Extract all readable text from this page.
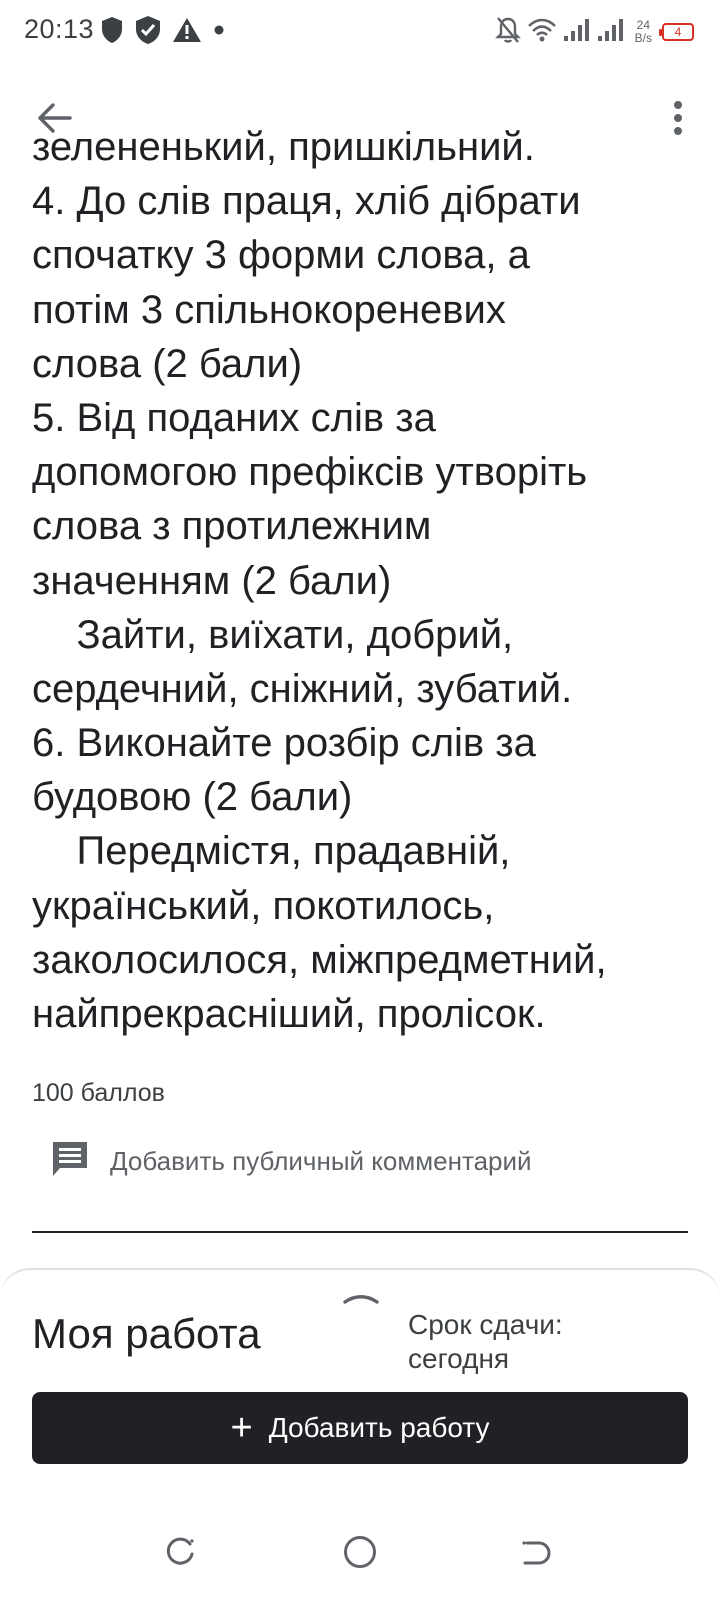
20:13	24
B/s 4
зелененький, пришкільний.
4. До слів праця, хліб дібрати
спочатку 3 форми слова, а
потім 3 спільнокореневих
слова (2 бали)
5. Від поданих слів за
допомогою префіксів утворіть
слова з протилежним
значенням (2 бали)
Зайти, виїхати, добрий,
сердечний, сніжний, зубатий.
6. Виконайте розбір слів за
будовою (2 бали)
Передмістя, прадавній,
український, покотилось,
заколосилося, міжпредметний,
найпрекрасніший, пролісок.
100 баллов
Добавить публичный комментарий
Моя работа	Срок сдачи:
сегодня
+ Добавить работу
